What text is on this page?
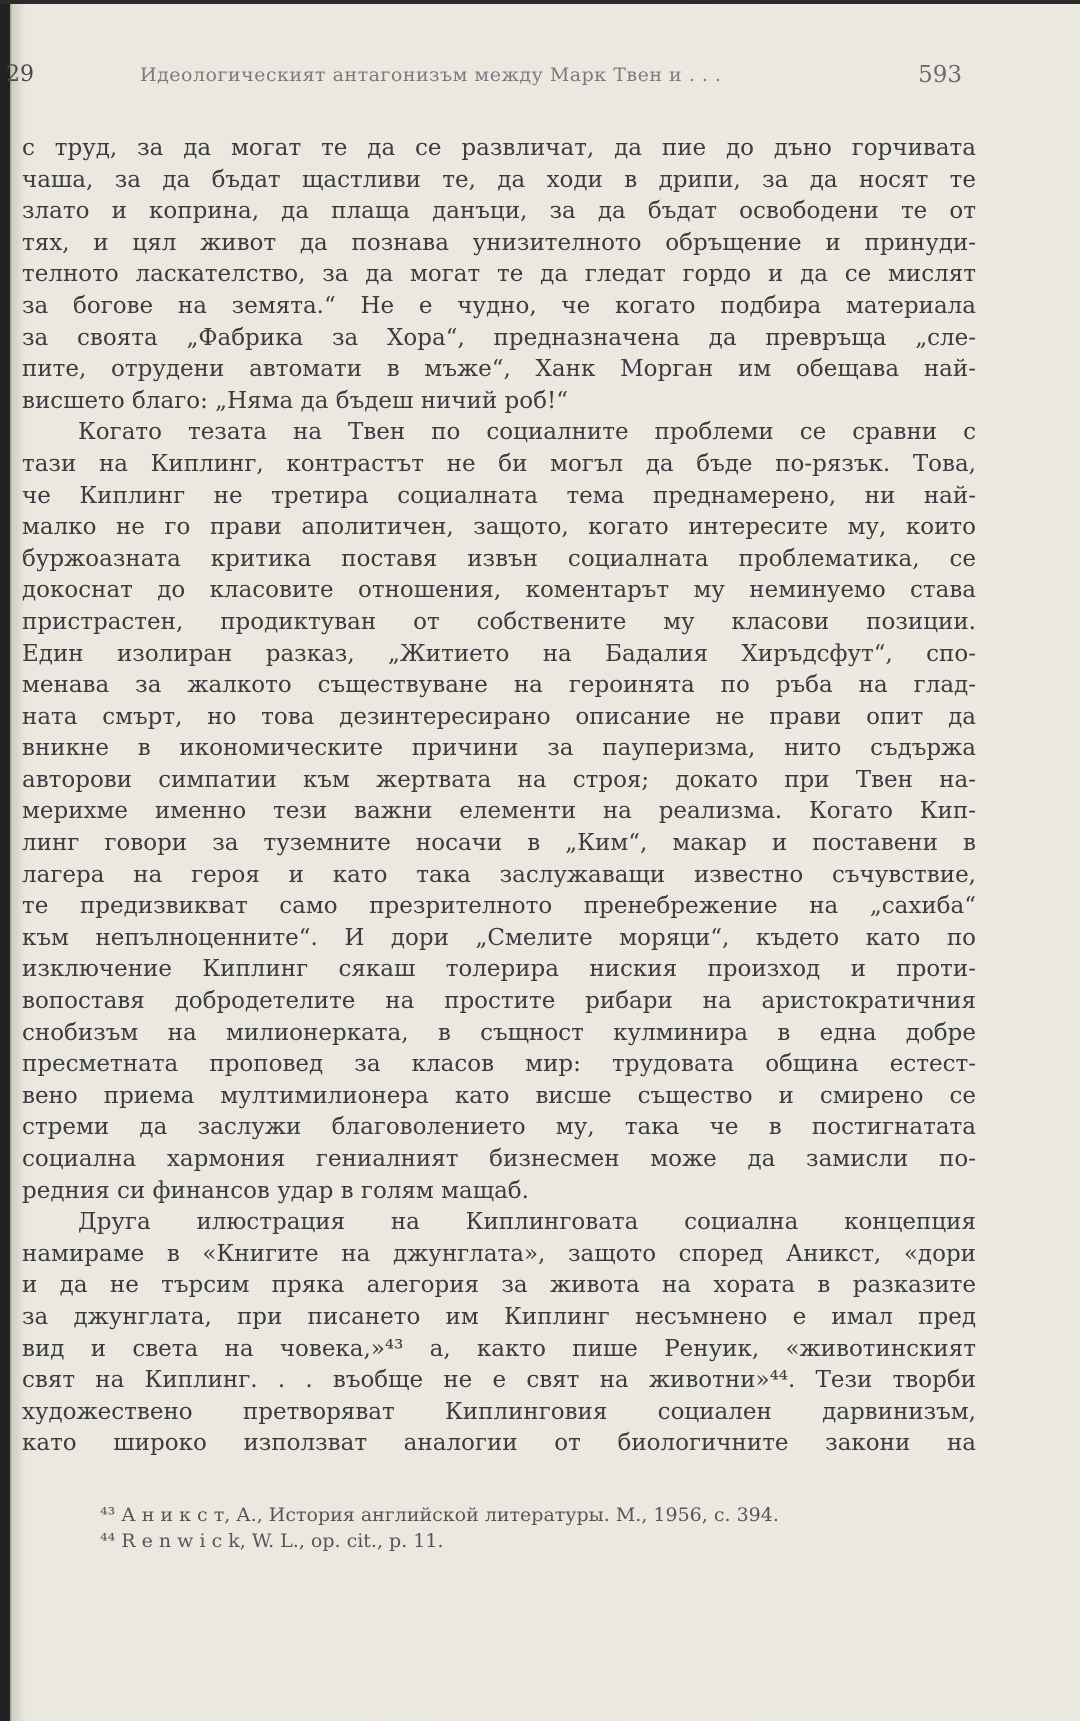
29	Идеологическият антагонизъм между Марк Твен и . . .	593
с труд, за да могат те да се развличат, да пие до дъно горчивата
чаша, за да бъдат щастливи те, да ходи в дрипи, за да носят те
злато и коприна, да плаща данъци, за да бъдат освободени те от
тях, и цял живот да познава унизителното обръщение и принуди-
телното ласкателство, за да могат те да гледат гордо и да се мислят
за богове на земята.“ Не е чудно, че когато подбира материала
за своята „Фабрика за Хора“, предназначена да превръща „сле-
пите, отрудени автомати в мъже“, Ханк Морган им обещава най-
висшето благо: „Няма да бъдеш ничий роб!“
Когато тезата на Твен по социалните проблеми се сравни с
тази на Киплинг, контрастът не би могъл да бъде по-рязък. Това,
че Киплинг не третира социалната тема преднамерено, ни най-
малко не го прави аполитичен, защото, когато интересите му, които
буржоазната критика поставя извън социалната проблематика, се
докоснат до класовите отношения, коментарът му неминуемо става
пристрастен, продиктуван от собствените му класови позиции.
Един изолиран разказ, „Житието на Бадалия Хиръдсфут“, спо-
менава за жалкото съществуване на героинята по ръба на глад-
ната смърт, но това дезинтересирано описание не прави опит да
вникне в икономическите причини за пауперизма, нито съдържа
авторови симпатии към жертвата на строя; докато при Твен на-
мерихме именно тези важни елементи на реализма. Когато Кип-
линг говори за туземните носачи в „Ким“, макар и поставени в
лагера на героя и като така заслужаващи известно съчувствие,
те предизвикват само презрителното пренебрежение на „сахиба“
към непълноценните“. И дори „Смелите моряци“, където като по
изключение Киплинг сякаш толерира ниския произход и проти-
вопоставя добродетелите на простите рибари на аристократичния
снобизъм на милионерката, в същност кулминира в една добре
пресметната проповед за класов мир: трудовата община естест-
вено приема мултимилионера като висше същество и смирено се
стреми да заслужи благоволението му, така че в постигнатата
социална хармония гениалният бизнесмен може да замисли по-
редния си финансов удар в голям мащаб.
Друга илюстрация на Киплинговата социална концепция
намираме в «Книгите на джунглата», защото според Аникст, «дори
и да не търсим пряка алегория за живота на хората в разказите
за джунглата, при писането им Киплинг несъмнено е имал пред
вид и света на човека,»⁴³ а, както пише Ренуик, «животинският
свят на Киплинг. . . въобще не е свят на животни»⁴⁴. Тези творби
художествено претворяват Киплинговия социален дарвинизъм,
като широко използват аналогии от биологичните закони на
⁴³ А н и к с т, А., История английской литературы. М., 1956, с. 394.
⁴⁴ R e n w i c k, W. L., op. cit., p. 11.
